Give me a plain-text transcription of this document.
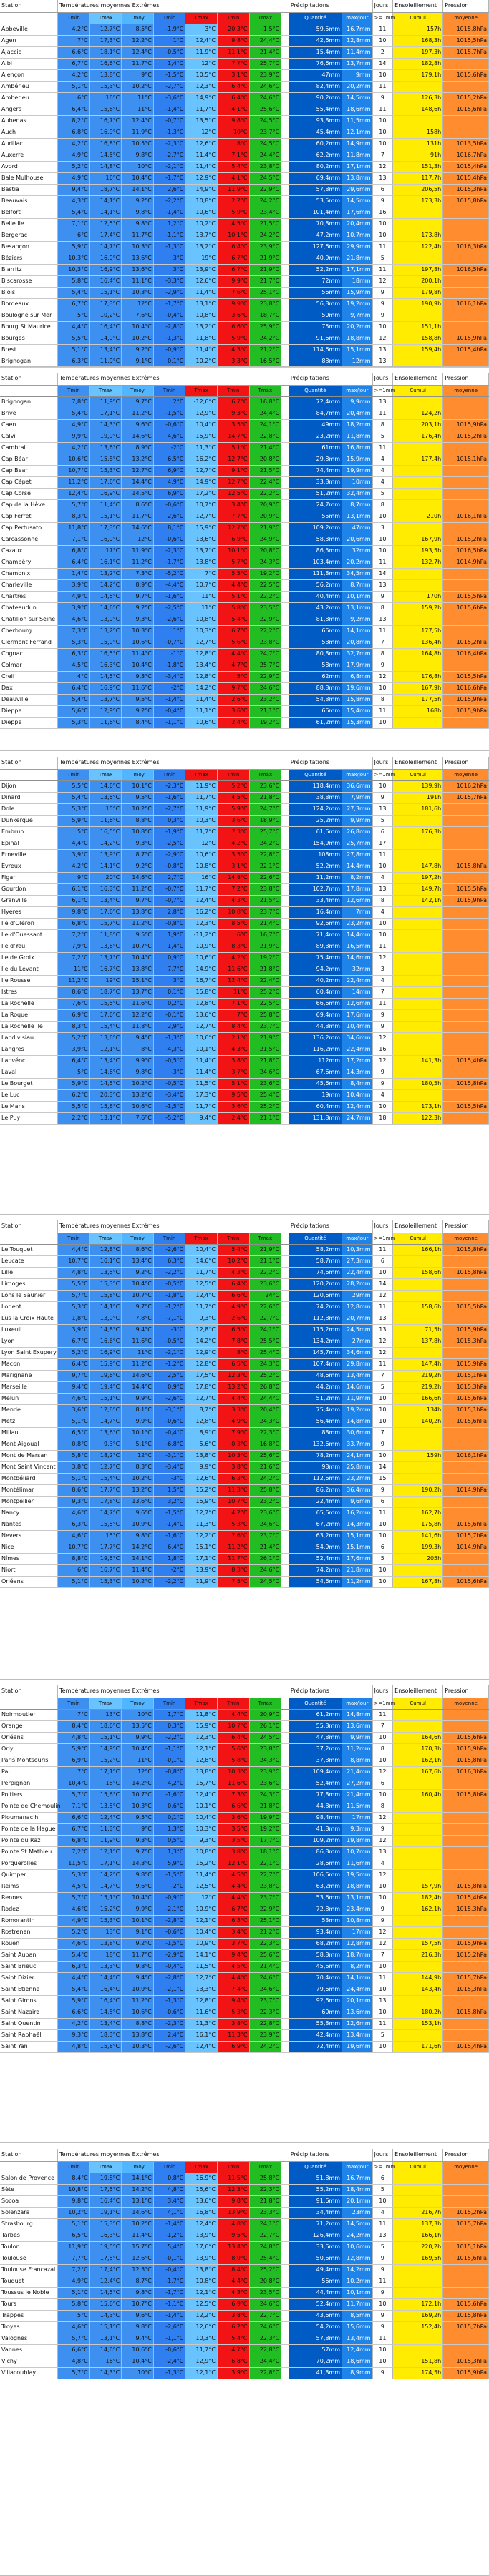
Station	Températures moyennes Extrêmes								Précipitations		Jours	Ensoleillement	Pression
	Tmin	Tmax	Tmoy	Tmin	Tmax	Tmin	Tmax		Quantité	max/jour	>=1mm	Cumul	moyenne
Abbeville	4,2°C	12,7°C	8,5°C	-1,9°C	3°C	20,3°C	-1,5°C		59,5mm	16,7mm	11	157h	1015,8hPa
Agen	7°C	17,3°C	12,2°C	1°C	12,4°C	9,8°C	24,4°C		42,6mm	12,8mm	10	168,3h	1015,5hPa
Ajaccio	6,6°C	18,1°C	12,4°C	-0,5°C	11,9°C	11,1°C	21,4°C		15,4mm	11,4mm	2	197,3h	1015,7hPa
Albi	6,7°C	16,6°C	11,7°C	1,4°C	12°C	7,7°C	25,7°C		76,6mm	13,7mm	14	182,8h	
Alençon	4,2°C	13,8°C	9°C	-1,5°C	10,5°C	3,1°C	23,9°C		47mm	9mm	10	179,1h	1015,6hPa
Ambérieu	5,1°C	15,3°C	10,2°C	-2,7°C	12,3°C	6,4°C	24,6°C		82,4mm	20,2mm	11		
Amberieu	6°C	16°C	11°C	-3,6°C	14,9°C	6,4°C	24,6°C		90,2mm	14,5mm	9	126,3h	1015,2hPa
Angers	6,4°C	15,6°C	11°C	-1,4°C	11,7°C	4,1°C	25,6°C		55,4mm	18,6mm	11	148,6h	1015,6hPa
Aubenas	8,2°C	16,7°C	12,4°C	-0,7°C	13,5°C	9,8°C	24,5°C		93,8mm	11,5mm	10		
Auch	6,8°C	16,9°C	11,9°C	-1,3°C	12°C	10°C	23,7°C		45,4mm	12,1mm	10	158h	
Aurillac	4,2°C	16,8°C	10,5°C	-2,3°C	12,6°C	8°C	24,5°C		60,2mm	14,9mm	10	131h	1013,5hPa
Auxerre	4,9°C	14,5°C	9,8°C	-2,7°C	11,4°C	7,1°C	24,4°C		62,2mm	11,8mm	7	91h	1016,7hPa
Avord	5,2°C	14,8°C	10°C	-2,1°C	11,4°C	5,4°C	23,8°C		80,2mm	17,1mm	12	151,3h	1015,4hPa
Bale Mulhouse	4,9°C	16°C	10,4°C	-1,7°C	12,9°C	4,1°C	24,5°C		69,4mm	13,8mm	13	117,7h	1015,4hPa
Bastia	9,4°C	18,7°C	14,1°C	2,6°C	14,9°C	11,9°C	22,9°C		57,8mm	29,6mm	6	206,5h	1015,3hPa
Beauvais	4,3°C	14,1°C	9,2°C	-2,2°C	10,8°C	2,2°C	24,2°C		53,5mm	14,5mm	9	173,3h	1015,8hPa
Belfort	5,4°C	14,1°C	9,8°C	-1,4°C	10,6°C	5,9°C	23,4°C		101,4mm	17,6mm	16		
Belle Ile	7,1°C	12,5°C	9,8°C	1,2°C	10,2°C	4,5°C	21,5°C		70,8mm	20,4mm	10		
Bergerac	6°C	17,4°C	11,7°C	-1,1°C	13,7°C	10,1°C	24,2°C		47,2mm	10,7mm	10	173,8h	
Besançon	5,9°C	14,7°C	10,3°C	-1,3°C	13,2°C	6,4°C	23,9°C		127,6mm	29,9mm	11	122,4h	1016,3hPa
Béziers	10,3°C	16,9°C	13,6°C	3°C	19°C	6,7°C	21,9°C		40,9mm	21,8mm	5		
Biarritz	10,3°C	16,9°C	13,6°C	3°C	13,9°C	6,7°C	21,9°C		52,2mm	17,1mm	11	197,8h	1016,5hPa
Biscarosse	5,8°C	16,4°C	11,1°C	-3,3°C	12,6°C	9,9°C	21,7°C		72mm	18mm	12	200,1h	
Blois	5,4°C	15,1°C	10,3°C	-2,9°C	11,4°C	7,6°C	25,1°C		56mm	15,9mm	9	179,8h	
Bordeaux	6,7°C	17,3°C	12°C	-1,7°C	13,1°C	9,9°C	23,8°C		56,8mm	19,2mm	9	190,9h	1016,1hPa
Boulogne sur Mer	5°C	10,2°C	7,6°C	-0,4°C	10,8°C	3,6°C	18,7°C		50mm	9,7mm	9		
Bourg St Maurice	4,4°C	16,4°C	10,4°C	-2,8°C	13,2°C	6,6°C	25,9°C		75mm	20,2mm	10	151,1h	
Bourges	5,5°C	14,9°C	10,2°C	-1,3°C	11,8°C	5,9°C	24,2°C		91,6mm	18,8mm	12	158,8h	1015,9hPa
Brest	5,1°C	13,4°C	9,2°C	-0,9°C	11,4°C	4,3°C	21,2°C		114,6mm	15,1mm	13	159,4h	1015,4hPa
Brignogan	6,3°C	11,9°C	9,1°C	0,1°C	10,2°C	3,3°C	16,5°C		88mm	12mm	13		
Station	Températures moyennes Extrêmes								Précipitations		Jours	Ensoleillement	Pression
	Tmin	Tmax	Tmoy	Tmin	Tmax	Tmin	Tmax		Quantité	max/jour	>=1mm	Cumul	moyenne
Brignogan	7,8°C	11,9°C	9,7°C	2°C	-12,6°C	6,7°C	16,8°C		72,4mm	9,9mm	13		
Brive	5,4°C	17,1°C	11,2°C	-1,5°C	12,9°C	9,3°C	24,4°C		84,7mm	20,4mm	11	124,2h	
Caen	4,9°C	14,3°C	9,6°C	-0,6°C	10,4°C	3,5°C	24,1°C		49mm	18,2mm	8	203,1h	1015,9hPa
Calvi	9,9°C	19,9°C	14,6°C	4,6°C	15,9°C	14,7°C	22,8°C		23,2mm	11,8mm	5	176,4h	1015,2hPa
Cambrai	4,2°C	13,6°C	8,9°C	-2°C	11,3°C	5,1°C	21,4°C		61mm	16,8mm	11		
Cap Béar	10,6°C	15,8°C	13,2°C	6,5°C	16,2°C	12,7°C	20,8°C		29,8mm	15,9mm	4	177,4h	1015,1hPa
Cap Bear	10,7°C	15,3°C	12,7°C	6,9°C	12,7°C	9,1°C	21,5°C		74,4mm	19,9mm	4		
Cap Cépet	11,2°C	17,6°C	14,4°C	4,9°C	14,9°C	12,7°C	22,4°C		33,8mm	10mm	4		
Cap Corse	12,4°C	16,9°C	14,5°C	6,9°C	17,2°C	12,5°C	22,2°C		51,2mm	32,4mm	5		
Cap de la Hève	5,7°C	11,4°C	8,6°C	-0,6°C	10,7°C	3,4°C	20,9°C		24,7mm	8,7mm	8		
Cap Ferret	8,3°C	15,1°C	11,7°C	2,6°C	12,7°C	7,7°C	20,9°C		55mm	13,1mm	10	210h	1016,1hPa
Cap Pertusato	11,8°C	17,3°C	14,6°C	8,1°C	15,9°C	12,7°C	21,9°C		109,2mm	47mm	3		
Carcassonne	7,1°C	16,9°C	12°C	-0,6°C	13,6°C	6,9°C	24,9°C		58,3mm	20,6mm	10	167,9h	1015,2hPa
Cazaux	6,8°C	17°C	11,9°C	-2,3°C	13,7°C	10,1°C	20,8°C		86,5mm	32mm	10	193,5h	1016,5hPa
Chambéry	6,4°C	16,1°C	11,2°C	-1,7°C	13,8°C	5,7°C	24,3°C		103,4mm	20,2mm	11	132,7h	1014,9hPa
Chamonix	1,4°C	13,2°C	7,3°C	-5,2°C	7°C	5,5°C	19,2°C		111,8mm	34,5mm	14		
Charleville	3,9°C	14,2°C	8,9°C	-4,4°C	10,7°C	4,4°C	22,5°C		56,2mm	8,7mm	13		
Chartres	4,9°C	14,5°C	9,7°C	-1,6°C	11°C	5,1°C	22,2°C		40,4mm	10,1mm	9	170h	1015,5hPa
Chateaudun	3,9°C	14,6°C	9,2°C	-2,5°C	11°C	5,8°C	23,5°C		43,2mm	13,1mm	8	159,2h	1015,6hPa
Chatillon sur Seine	4,6°C	13,9°C	9,3°C	-2,6°C	10,8°C	5,4°C	22,9°C		81,8mm	9,2mm	13		
Cherbourg	7,3°C	13,2°C	10,3°C	1°C	10,3°C	6,7°C	22,2°C		66mm	14,1mm	11	177,5h	
Clermont Ferrand	5,3°C	15,9°C	10,6°C	-0,7°C	12,7°C	5,6°C	23,8°C		58mm	20,8mm	7	136,4h	1015,2hPa
Cognac	6,3°C	16,5°C	11,4°C	-1°C	12,8°C	4,4°C	24,7°C		80,8mm	32,7mm	8	164,8h	1016,4hPa
Colmar	4,5°C	16,3°C	10,4°C	-1,8°C	13,4°C	4,7°C	25,7°C		58mm	17,9mm	9		
Creil	4°C	14,5°C	9,3°C	-3,4°C	12,8°C	5°C	22,9°C		62mm	6,8mm	12	176,8h	1015,5hPa
Dax	6,4°C	16,9°C	11,6°C	-2°C	14,2°C	9,7°C	24,6°C		88,8mm	19,6mm	10	167,9h	1016,6hPa
Deauville	5,4°C	13,7°C	9,5°C	-1,4°C	11,4°C	2,6°C	23,2°C		54,8mm	15,8mm	8	177,5h	1015,9hPa
Dieppe	5,6°C	12,9°C	9,2°C	-0,4°C	11,1°C	3,6°C	21,1°C		66mm	15,4mm	11	168h	1015,9hPa
Dieppe	5,3°C	11,6°C	8,4°C	-1,1°C	10,6°C	2,4°C	19,2°C		61,2mm	15,3mm	10		
Station	Températures moyennes Extrêmes								Précipitations		Jours	Ensoleillement	Pression
	Tmin	Tmax	Tmoy	Tmin	Tmax	Tmin	Tmax		Quantité	max/jour	>=1mm	Cumul	moyenne
Dijon	5,5°C	14,6°C	10,1°C	-2,3°C	11,9°C	5,2°C	23,6°C		118,4mm	36,6mm	10	139,9h	1016,2hPa
Dinard	5,4°C	13,5°C	9,5°C	-1,6°C	11,7°C	4,5°C	21,8°C		38,8mm	7,9mm	9	191h	1015,7hPa
Dole	5,3°C	15°C	10,2°C	-2,7°C	11,9°C	5,9°C	24,7°C		124,2mm	27,3mm	13	181,6h	
Dunkerque	5,9°C	11,6°C	8,8°C	0,3°C	10,3°C	3,6°C	18,9°C		25,2mm	9,9mm	5		
Embrun	5°C	16,5°C	10,8°C	-1,9°C	11,7°C	7,3°C	25,7°C		61,6mm	26,8mm	6	176,3h	
Epinal	4,4°C	14,2°C	9,3°C	-2,5°C	12°C	4,2°C	24,2°C		154,9mm	25,7mm	17		
Erneville	3,9°C	13,9°C	8,7°C	-2,9°C	10,6°C	3,5°C	22,8°C		108mm	27,8mm	11		
Evreux	4,2°C	14,1°C	9,2°C	-0,8°C	10,8°C	3,1°C	22,1°C		52,2mm	14,4mm	10	147,8h	1015,8hPa
Figari	9°C	20°C	14,6°C	2,7°C	16°C	14,8°C	22,6°C		11,2mm	8,2mm	4	197,2h	
Gourdon	6,1°C	16,3°C	11,2°C	-0,7°C	11,7°C	7,2°C	23,8°C		102,7mm	17,8mm	13	149,7h	1015,5hPa
Granville	6,1°C	13,4°C	9,7°C	-0,7°C	12,4°C	4,3°C	21,5°C		33,4mm	12,6mm	8	142,1h	1015,9hPa
Hyeres	9,8°C	17,6°C	13,8°C	2,8°C	16,2°C	10,8°C	23,7°C		16,4mm	7mm	4		
Ile d'Oléron	6,8°C	15,7°C	11,2°C	-0,8°C	12,3°C	8,5°C	21,4°C		92,6mm	23,2mm	10		
Ile d'Ouessant	7,2°C	11,8°C	9,5°C	1,9°C	-11,2°C	6°C	16,7°C		71,4mm	14,4mm	10		
Ile d'Yeu	7,9°C	13,6°C	10,7°C	1,4°C	10,9°C	8,3°C	21,9°C		89,8mm	16,5mm	11		
Ile de Groix	7,2°C	13,7°C	10,4°C	0,9°C	10,6°C	4,2°C	19,2°C		75,4mm	14,6mm	12		
Ile du Levant	11°C	16,7°C	13,8°C	7,7°C	14,9°C	11,6°C	21,8°C		94,2mm	32mm	3		
Ile Rousse	11,2°C	19°C	15,1°C	3°C	16,7°C	12,4°C	22,4°C		40,2mm	22,4mm	4		
Istres	8,6°C	18,7°C	13,7°C	0,1°C	15,8°C	11°C	25,2°C		60,4mm	14mm	7		
La Rochelle	7,6°C	15,5°C	11,6°C	0,2°C	12,8°C	7,1°C	22,5°C		66,6mm	12,6mm	11		
La Roque	6,9°C	17,6°C	12,2°C	-0,1°C	13,6°C	7°C	25,8°C		69,4mm	17,6mm	9		
La Rochelle Ile	8,3°C	15,4°C	11,8°C	2,9°C	12,7°C	8,4°C	23,7°C		44,8mm	10,4mm	9		
Landivisiau	5,2°C	13,6°C	9,4°C	-1,3°C	10,6°C	2,1°C	21,9°C		136,2mm	34,6mm	12		
Langres	3,9°C	12,1°C	8°C	-4,3°C	10,1°C	4,3°C	21,5°C		116,2mm	22,4mm	16		
Lanvéoc	6,4°C	13,4°C	9,9°C	-0,5°C	11,4°C	3,8°C	21,8°C		112mm	17,2mm	12	141,3h	1015,4hPa
Laval	5°C	14,6°C	9,8°C	-3°C	11,4°C	3,7°C	24,6°C		67,6mm	14,3mm	9		
Le Bourget	5,9°C	14,5°C	10,2°C	-0,5°C	11,5°C	5,1°C	23,6°C		45,6mm	8,4mm	9	180,5h	1015,8hPa
Le Luc	6,2°C	20,3°C	13,2°C	-3,4°C	17,3°C	9,5°C	25,4°C		19mm	10,4mm	4		
Le Mans	5,5°C	15,6°C	10,6°C	-1,5°C	11,7°C	3,6°C	25,2°C		60,4mm	12,4mm	10	173,1h	1015,5hPa
Le Puy	2,2°C	13,1°C	7,6°C	-5,2°C	9,4°C	2,4°C	21,1°C		131,8mm	24,7mm	18	122,3h	
Station	Températures moyennes Extrêmes								Précipitations		Jours	Ensoleillement	Pression
	Tmin	Tmax	Tmoy	Tmin	Tmax	Tmin	Tmax		Quantité	max/jour	>=1mm	Cumul	moyenne
Le Touquet	4,4°C	12,8°C	8,6°C	-2,6°C	10,4°C	5,4°C	21,9°C		58,2mm	10,3mm	11	166,1h	1015,8hPa
Leucate	10,7°C	16,1°C	13,4°C	6,3°C	14,6°C	10,2°C	21,1°C		58,7mm	27,3mm	6		
Lille	4,8°C	13,5°C	9,2°C	-2,2°C	11,7°C	4,3°C	22,2°C		74,6mm	22,4mm	10	158,6h	1015,8hPa
Limoges	5,5°C	15,3°C	10,4°C	-0,5°C	12,5°C	6,4°C	23,6°C		120,2mm	28,2mm	14		
Lons le Saunier	5,7°C	15,8°C	10,7°C	-1,8°C	12,4°C	6,6°C	24°C		120,6mm	29mm	12		
Lorient	5,3°C	14,1°C	9,7°C	-1,2°C	11,7°C	4,9°C	22,6°C		74,2mm	12,8mm	11	158,6h	1015,5hPa
Lus la Croix Haute	1,8°C	13,9°C	7,8°C	-7,1°C	9,3°C	2,6°C	22,7°C		112,8mm	20,7mm	13		
Luxeuil	3,9°C	14,8°C	9,4°C	-3°C	12,8°C	6,5°C	24,1°C		115,2mm	24,5mm	13	71,5h	1015,9hPa
Lyon	6,7°C	16,6°C	11,6°C	-0,5°C	14,2°C	7,8°C	25,5°C		134,2mm	27mm	12	137,8h	1015,3hPa
Lyon Saint Exupery	5,2°C	16,9°C	11°C	-2,1°C	12,9°C	8°C	25,4°C		145,7mm	34,6mm	12		
Macon	6,4°C	15,9°C	11,2°C	-1,2°C	12,8°C	6,5°C	24,3°C		107,4mm	29,8mm	11	147,4h	1015,9hPa
Marignane	9,7°C	19,6°C	14,6°C	2,5°C	17,5°C	12,3°C	25,2°C		48,6mm	13,4mm	7	219,2h	1015,1hPa
Marseille	9,4°C	19,4°C	14,4°C	0,9°C	17,8°C	13,2°C	26,8°C		44,2mm	14,6mm	5	219,2h	1015,3hPa
Melun	4,6°C	15,1°C	9,9°C	-2,6°C	12,7°C	4,4°C	24,4°C		51,2mm	11,9mm	10	166,6h	1015,6hPa
Mende	3,6°C	12,6°C	8,1°C	-3,1°C	8,7°C	3,3°C	20,4°C		75,4mm	19,2mm	10	134h	1015,1hPa
Metz	5,1°C	14,7°C	9,9°C	-0,6°C	12,8°C	4,9°C	24,3°C		56,4mm	14,8mm	10	140,2h	1015,6hPa
Millau	6,5°C	13,6°C	10,1°C	-0,4°C	8,9°C	7,9°C	22,3°C		88mm	30,6mm	7		
Mont Aigoual	0,8°C	9,3°C	5,1°C	-6,8°C	5,6°C	-0,3°C	16,8°C		132,6mm	33,7mm	9		
Mont de Marsan	5,8°C	18,2°C	12°C	-3,1°C	13,8°C	10,3°C	25,6°C		78,2mm	24,1mm	10	159h	1016,1hPa
Mont Saint Vincent	3,8°C	12,7°C	8,3°C	-3,4°C	9,9°C	3,8°C	21,6°C		98mm	25,8mm	14		
Montbéliard	5,1°C	15,4°C	10,2°C	-3°C	12,6°C	6,3°C	24,2°C		112,6mm	23,2mm	15		
Montélimar	8,6°C	17,7°C	13,2°C	1,5°C	15,2°C	11,3°C	25,8°C		86,2mm	36,4mm	9	190,2h	1014,9hPa
Montpellier	9,3°C	17,8°C	13,6°C	3,2°C	15,9°C	10,7°C	23,2°C		22,4mm	9,6mm	6		
Nancy	4,6°C	14,7°C	9,6°C	-1,5°C	12,7°C	4,2°C	23,6°C		65,6mm	16,2mm	11	162,7h	
Nantes	6,3°C	15,5°C	10,9°C	-1,4°C	11,3°C	5,3°C	24,6°C		67,2mm	14,3mm	10	175,8h	1015,6hPa
Nevers	4,6°C	15°C	9,8°C	-1,6°C	12,2°C	7,6°C	23,7°C		63,2mm	15,1mm	10	141,6h	1015,7hPa
Nice	10,7°C	17,7°C	14,2°C	6,4°C	15,1°C	11,2°C	21,4°C		54,9mm	15,1mm	6	199,3h	1014,9hPa
Nîmes	8,8°C	19,5°C	14,1°C	1,8°C	17,1°C	11,7°C	26,1°C		52,4mm	17,6mm	5	205h	
Niort	6°C	16,7°C	11,4°C	-2°C	13,9°C	8,3°C	24,6°C		74,2mm	21,8mm	10		
Orléans	5,1°C	15,3°C	10,2°C	-2,2°C	11,9°C	7,5°C	24,5°C		54,6mm	11,2mm	10	167,8h	1015,6hPa
Station	Températures moyennes Extrêmes								Précipitations		Jours	Ensoleillement	Pression
	Tmin	Tmax	Tmoy	Tmin	Tmax	Tmin	Tmax		Quantité	max/jour	>=1mm	Cumul	moyenne
Noirmoutier	7°C	13°C	10°C	1,7°C	11,8°C	4,4°C	20,9°C		61,2mm	14,8mm	11		
Orange	8,4°C	18,6°C	13,5°C	0,3°C	15,9°C	10,7°C	26,1°C		55,8mm	13,6mm	7		
Orléans	4,8°C	15,1°C	9,9°C	-2,2°C	12,3°C	6,4°C	24,5°C		47,8mm	9,9mm	10	164,6h	1015,6hPa
Orly	5,9°C	14,9°C	10,4°C	-1,1°C	12,1°C	5,6°C	23,8°C		37,2mm	11,2mm	8	170,3h	1015,9hPa
Paris Montsouris	6,9°C	15,2°C	11°C	-0,1°C	12,8°C	5,8°C	24,3°C		37,8mm	8,8mm	10	162,1h	1015,8hPa
Pau	7°C	17,1°C	12°C	-0,8°C	13,8°C	10,3°C	23,9°C		109,4mm	21,4mm	12	167,6h	1016,3hPa
Perpignan	10,4°C	18°C	14,2°C	4,2°C	15,7°C	11,6°C	23,6°C		52,4mm	27,2mm	6		
Poitiers	5,7°C	15,6°C	10,7°C	-1,6°C	12,4°C	7,3°C	24,3°C		77,8mm	21,4mm	10	160,4h	1015,8hPa
Pointe de Chemoulin	7,1°C	13,5°C	10,3°C	0,6°C	10,1°C	6,6°C	21,8°C		44,8mm	11,5mm	8		
Ploumanac'h	6,6°C	12,4°C	9,5°C	0,1°C	10,4°C	3,6°C	19,9°C		98,4mm	17mm	12		
Pointe de la Hague	6,7°C	11,3°C	9°C	1,3°C	10,3°C	3,5°C	19,2°C		41,8mm	9,3mm	9		
Pointe du Raz	6,8°C	11,9°C	9,3°C	0,5°C	9,3°C	3,5°C	17,7°C		109,2mm	19,8mm	12		
Pointe St Mathieu	7,2°C	12,1°C	9,7°C	1,3°C	10,8°C	3,8°C	18,1°C		86,8mm	10,7mm	13		
Porquerolles	11,5°C	17,1°C	14,3°C	5,9°C	15,2°C	12,1°C	22,1°C		28,6mm	11,6mm	4		
Quimper	5,3°C	14,2°C	9,8°C	-1,5°C	11,4°C	4,5°C	22,7°C		106,6mm	19,5mm	12		
Reims	4,5°C	14,7°C	9,6°C	-2°C	12,5°C	4,4°C	23,8°C		63,2mm	18,8mm	10	157,9h	1015,8hPa
Rennes	5,7°C	15,1°C	10,4°C	-0,9°C	12°C	4,4°C	23,7°C		53,6mm	13,1mm	10	182,4h	1015,4hPa
Rodez	4,6°C	15,2°C	9,9°C	-2,1°C	10,9°C	6,7°C	22,9°C		72,8mm	23,4mm	9	162,1h	1015,3hPa
Romorantin	4,9°C	15,3°C	10,1°C	-2,8°C	12,1°C	6,3°C	25,1°C		53mm	10,8mm	9		
Rostrenen	5,2°C	13°C	9,1°C	-0,6°C	10,4°C	3,4°C	21,2°C		93,4mm	17mm	12		
Rouen	4,6°C	13,8°C	9,2°C	-1,5°C	10,9°C	3,7°C	22,3°C		68,2mm	12,8mm	12	157,5h	1015,9hPa
Saint Auban	5,4°C	18°C	11,7°C	-2,9°C	14,1°C	9,4°C	25,6°C		58,8mm	18,7mm	7	216,3h	1015,2hPa
Saint Brieuc	6,3°C	13,3°C	9,8°C	-0,4°C	11,5°C	4,5°C	21,4°C		45,6mm	8,2mm	10		
Saint Dizier	4,4°C	14,4°C	9,4°C	-2,8°C	12,7°C	4,4°C	24,6°C		70,4mm	14,1mm	11	144,9h	1015,7hPa
Saint Etienne	5,4°C	16,4°C	10,9°C	-2,1°C	13,3°C	7,4°C	24,6°C		79,6mm	24,4mm	10	143,4h	1015,3hPa
Saint Girons	5,9°C	16,4°C	11,2°C	-1,3°C	12,8°C	9,4°C	23,7°C		92,6mm	20,1mm	13		
Saint Nazaire	6,6°C	14,5°C	10,6°C	-0,6°C	11,6°C	5,3°C	22,3°C		60mm	13,6mm	10	180,2h	1015,8hPa
Saint Quentin	4,2°C	13,4°C	8,8°C	-2,3°C	11,3°C	3,8°C	22,8°C		55,8mm	12,6mm	11	153,1h	
Saint Raphaël	9,3°C	18,3°C	13,8°C	2,4°C	16,1°C	11,3°C	23,9°C		42,4mm	13,4mm	5		
Saint Yan	4,8°C	15,8°C	10,3°C	-2,6°C	12,4°C	6,9°C	24,2°C		72,4mm	19,6mm	10	171,6h	1015,4hPa
Station	Températures moyennes Extrêmes								Précipitations		Jours	Ensoleillement	Pression
	Tmin	Tmax	Tmoy	Tmin	Tmax	Tmin	Tmax		Quantité	max/jour	>=1mm	Cumul	moyenne
Salon de Provence	8,4°C	19,8°C	14,1°C	0,8°C	16,9°C	11,5°C	25,8°C		51,8mm	16,7mm	6		
Sète	10,8°C	17,5°C	14,2°C	4,8°C	15,6°C	12,3°C	22,3°C		55,2mm	18,4mm	5		
Socoa	9,8°C	16,4°C	13,1°C	3,4°C	13,6°C	9,8°C	21,8°C		91,6mm	20,1mm	10		
Solenzara	10,2°C	19,1°C	14,6°C	4,1°C	16,8°C	13,9°C	23,3°C		34,4mm	23mm	4	216,7h	1015,2hPa
Strasbourg	5,1°C	15,3°C	10,2°C	-1,4°C	12,4°C	4,8°C	24,1°C		71,2mm	14,5mm	11	137,3h	1015,7hPa
Tarbes	6,5°C	16,3°C	11,4°C	-1,2°C	13,9°C	9,5°C	22,7°C		126,4mm	24,2mm	13	166,1h	
Toulon	11,9°C	19,5°C	15,7°C	5,4°C	17,6°C	13,4°C	24,8°C		33,6mm	10,6mm	5	220,2h	1015,1hPa
Toulouse	7,7°C	17,5°C	12,6°C	-0,1°C	13,9°C	8,9°C	25,4°C		50,6mm	12,8mm	9	169,5h	1015,6hPa
Toulouse Francazal	7,2°C	17,4°C	12,3°C	-0,4°C	13,8°C	8,4°C	25,2°C		49,4mm	14,2mm	9		
Touquet	4,9°C	12,4°C	8,7°C	-1,7°C	10,8°C	4,4°C	20,8°C		56mm	10,2mm	11		
Toussus le Noble	5,1°C	14,5°C	9,8°C	-1,7°C	12,1°C	4,3°C	23,5°C		44,4mm	10,1mm	9		
Tours	5,8°C	15,6°C	10,7°C	-1,1°C	12,5°C	6,9°C	24,6°C		52,4mm	11,7mm	10	172,1h	1015,6hPa
Trappes	5°C	14,3°C	9,6°C	-1,4°C	12,2°C	3,8°C	22,7°C		43,6mm	8,5mm	9	169,2h	1015,8hPa
Troyes	4,6°C	15,1°C	9,8°C	-2,6°C	12,6°C	6,2°C	24,6°C		54,2mm	15,6mm	9	152,4h	1015,7hPa
Valognes	5,7°C	13,1°C	9,4°C	-1,1°C	10,3°C	5,4°C	22,3°C		57,8mm	13,4mm	11		
Vannes	6,6°C	14,6°C	10,6°C	-0,6°C	11,7°C	4,7°C	22,8°C		57mm	12,4mm	10		
Vichy	4,8°C	16°C	10,4°C	-2,4°C	12,9°C	6,8°C	24,4°C		70,2mm	18,6mm	10	151,8h	1015,3hPa
Villacoublay	5,7°C	14,3°C	10°C	-1,3°C	12,1°C	3,9°C	22,8°C		41,8mm	8,9mm	9	174,5h	1015,9hPa
